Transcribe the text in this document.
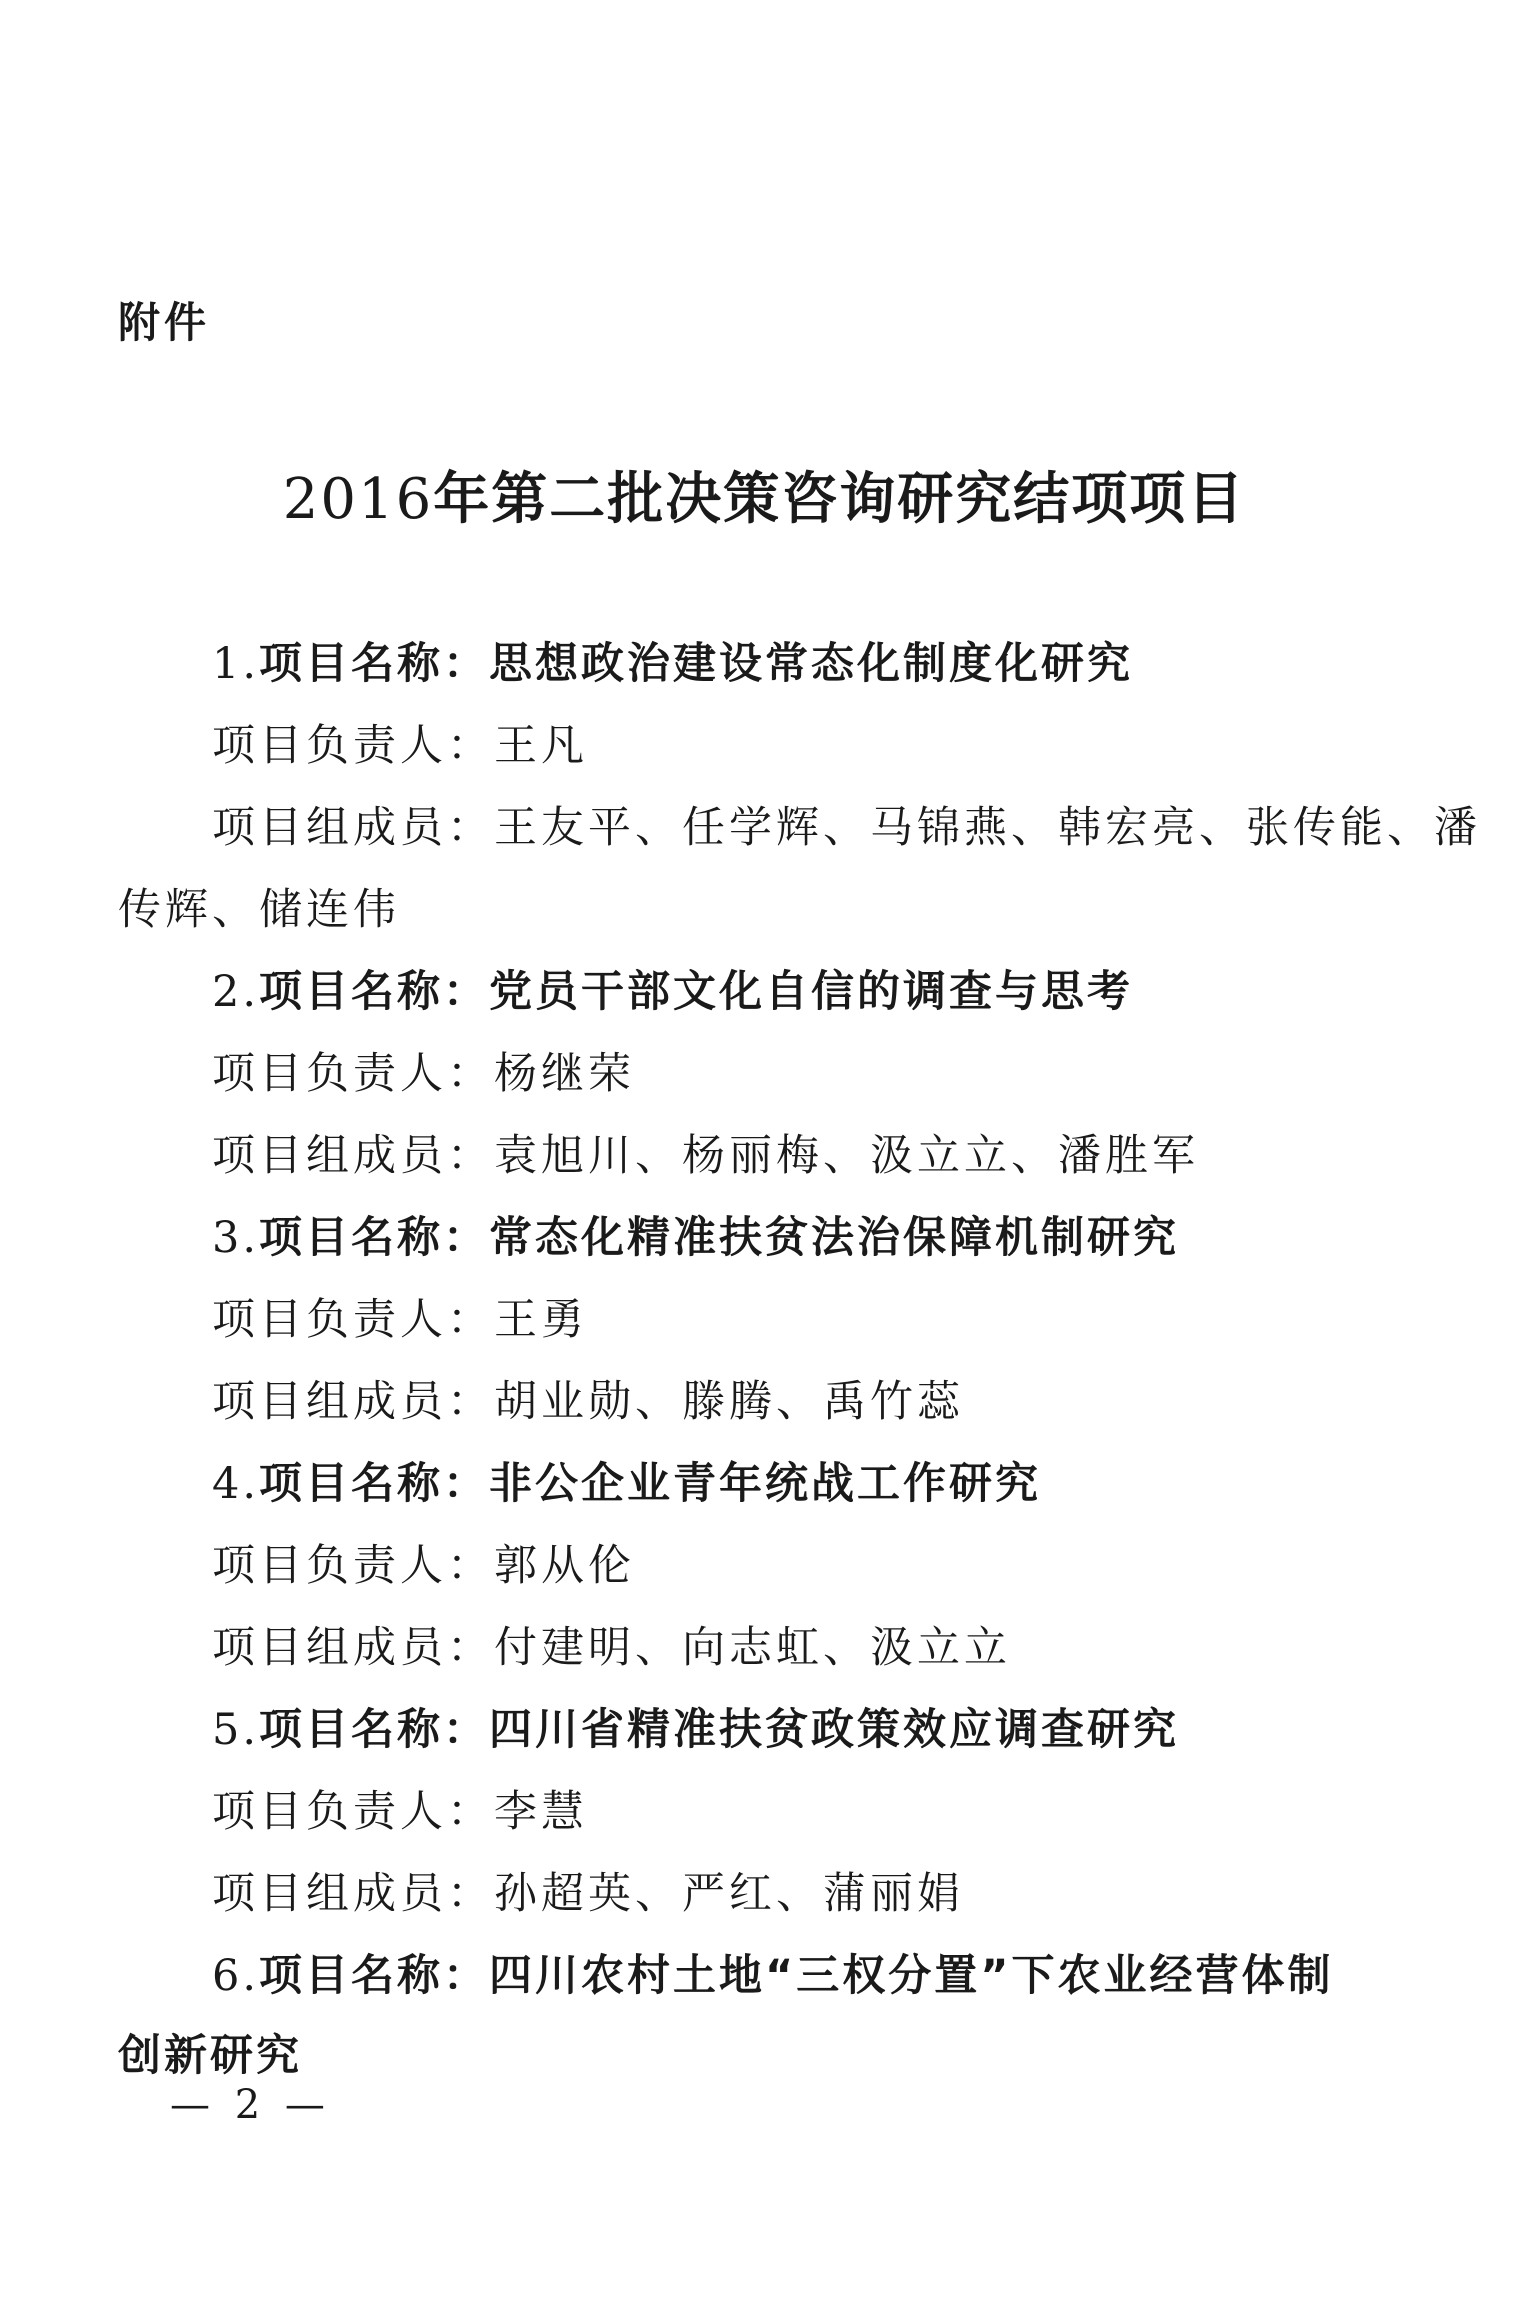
附件
2016年第二批决策咨询研究结项项目
1.项目名称：思想政治建设常态化制度化研究
项目负责人：王凡
项目组成员：王友平、任学辉、马锦燕、韩宏亮、张传能、潘
传辉、储连伟
2.项目名称：党员干部文化自信的调查与思考
项目负责人：杨继荣
项目组成员：袁旭川、杨丽梅、汲立立、潘胜军
3.项目名称：常态化精准扶贫法治保障机制研究
项目负责人：王勇
项目组成员：胡业勋、滕腾、禹竹蕊
4.项目名称：非公企业青年统战工作研究
项目负责人：郭从伦
项目组成员：付建明、向志虹、汲立立
5.项目名称：四川省精准扶贫政策效应调查研究
项目负责人：李慧
项目组成员：孙超英、严红、蒲丽娟
6.项目名称：四川农村土地“三权分置”下农业经营体制
创新研究
— 2 —
